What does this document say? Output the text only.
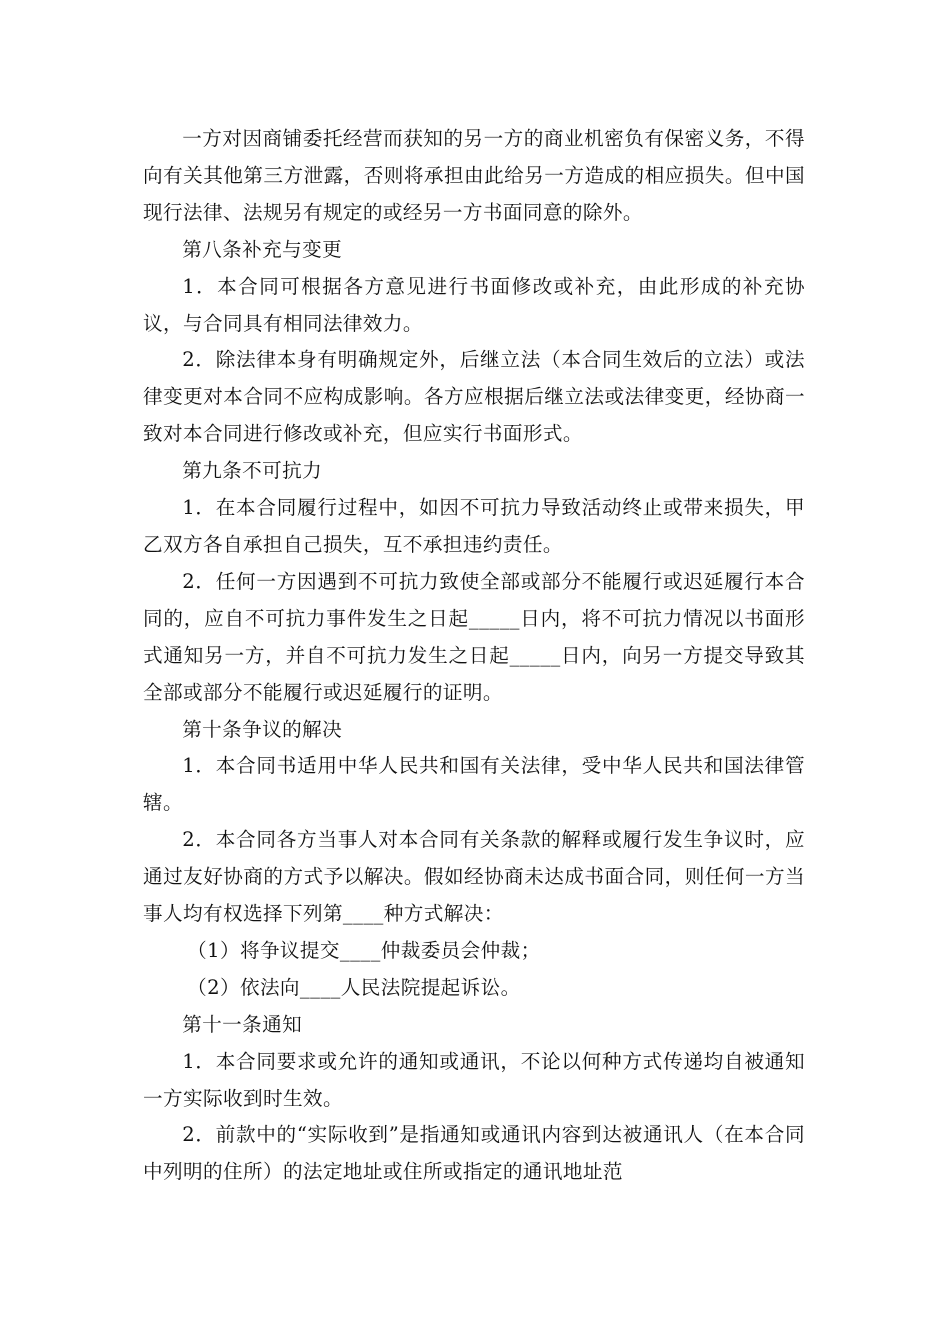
一方对因商铺委托经营而获知的另一方的商业机密负有保密义务，不得向有关其他第三方泄露，否则将承担由此给另一方造成的相应损失。但中国现行法律、法规另有规定的或经另一方书面同意的除外。

第八条补充与变更

1．本合同可根据各方意见进行书面修改或补充，由此形成的补充协议，与合同具有相同法律效力。

2．除法律本身有明确规定外，后继立法（本合同生效后的立法）或法律变更对本合同不应构成影响。各方应根据后继立法或法律变更，经协商一致对本合同进行修改或补充，但应实行书面形式。

第九条不可抗力

1．在本合同履行过程中，如因不可抗力导致活动终止或带来损失，甲乙双方各自承担自己损失，互不承担违约责任。

2．任何一方因遇到不可抗力致使全部或部分不能履行或迟延履行本合同的，应自不可抗力事件发生之日起_____日内，将不可抗力情况以书面形式通知另一方，并自不可抗力发生之日起_____日内，向另一方提交导致其全部或部分不能履行或迟延履行的证明。

第十条争议的解决

1．本合同书适用中华人民共和国有关法律，受中华人民共和国法律管辖。

2．本合同各方当事人对本合同有关条款的解释或履行发生争议时，应通过友好协商的方式予以解决。假如经协商未达成书面合同，则任何一方当事人均有权选择下列第____种方式解决：

（1）将争议提交____仲裁委员会仲裁；

（2）依法向____人民法院提起诉讼。

第十一条通知

1．本合同要求或允许的通知或通讯，不论以何种方式传递均自被通知一方实际收到时生效。

2．前款中的“实际收到”是指通知或通讯内容到达被通讯人（在本合同中列明的住所）的法定地址或住所或指定的通讯地址范
